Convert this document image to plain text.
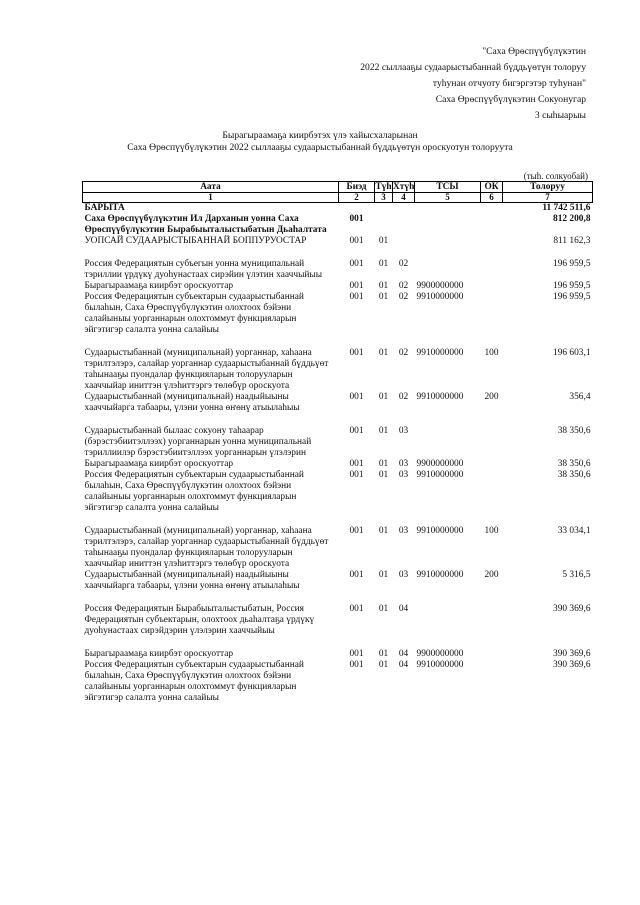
"Саха Өрөспүүбүлүкэтин
2022 сыллааҕы судаарыстыбаннай бүддьүөтүн толоруу
туһунан отчуоту бигэргэтэр туһунан"
Саха Өрөспүүбүлүкэтин Сокуонугар
3 сыһыарыы
Бырагыраамаҕа киирбэтэх үлэ хайысхаларынан
Саха Өрөспүүбүлүкэтин 2022 сыллааҕы судаарыстыбаннай бүддьүөтүн ороскуотун толоруута
(тыһ. солкуобай)
Аата	Биэд	Түһ	Хтүһ	ТСЫ	ОК	Толоруу
1	2	3	4	5	6	7
БАРЫТА						11 742 511,6
Саха Өрөспүүбүлүкэтин Ил Дарханын уонна Саха Өрөспүүбүлүкэтин Бырабыыталыстыбатын Дьаһалтата	001					812 200,8
УОПСАЙ СУДААРЫСТЫБАННАЙ БОППУРУОСТАР	001	01				811 162,3

Россия Федерациятын субъегын уонна муниципальнай тэриллии үрдүкү дуоһунастаах сирэйин үлэтин хааччыйыы	001	01	02			196 959,5
Бырагыраамаҕа киирбэт ороскуоттар	001	01	02	9900000000		196 959,5
Россия Федерациятын субъектарын судаарыстыбаннай былаһын, Саха Өрөспүүбүлүкэтин олохтоох бэйэни салайыныы уорганнарын олохтоммут функцияларын эйгэтигэр салалта уонна салайыы	001	01	02	9910000000		196 959,5

Судаарыстыбаннай (муниципальнай) уорганнар, хаһаана тэрилтэлэрэ, салайар уорганнар судаарыстыбаннай бүддьүөт таһынааҕы пуондалар функцияларын толорууларын хааччыйар иниттэн үлэһиттэргэ төлөбүр ороскуота	001	01	02	9910000000	100	196 603,1
Судаарыстыбаннай (муниципальнай) наадыйыыны хааччыйарга табаары, үлэни уонна өҥөнү атыылаһыы	001	01	02	9910000000	200	356,4

Судаарыстыбаннай былаас сокуону таһаарар (бэрэстэбиитэллээх) уорганнарын уонна муниципальнай тэриллиилэр бэрэстэбиитэллээх уорганнарын үлэлэрин	001	01	03			38 350,6
Бырагыраамаҕа киирбэт ороскуоттар	001	01	03	9900000000		38 350,6
Россия Федерациятын субъектарын судаарыстыбаннай былаһын, Саха Өрөспүүбүлүкэтин олохтоох бэйэни салайыныы уорганнарын олохтоммут функцияларын эйгэтигэр салалта уонна салайыы	001	01	03	9910000000		38 350,6

Судаарыстыбаннай (муниципальнай) уорганнар, хаһаана тэрилтэлэрэ, салайар уорганнар судаарыстыбаннай бүддьүөт таһынааҕы пуондалар функцияларын толорууларын хааччыйар иниттэн үлэһиттэргэ төлөбүр ороскуота	001	01	03	9910000000	100	33 034,1
Судаарыстыбаннай (муниципальнай) наадыйыыны хааччыйарга табаары, үлэни уонна өҥөнү атыылаһыы	001	01	03	9910000000	200	5 316,5

Россия Федерациятын Бырабыыталыстыбатын, Россия Федерациятын субъектарын, олохтоох дьаһалтаҕа үрдүкү дуоһунастаах сирэйдэрин үлэлэрин хааччыйыы	001	01	04			390 369,6

Бырагыраамаҕа киирбэт ороскуоттар	001	01	04	9900000000		390 369,6
Россия Федерациятын субъектарын судаарыстыбаннай былаһын, Саха Өрөспүүбүлүкэтин олохтоох бэйэни салайыныы уорганнарын олохтоммут функцияларын эйгэтигэр салалта уонна салайыы	001	01	04	9910000000		390 369,6
